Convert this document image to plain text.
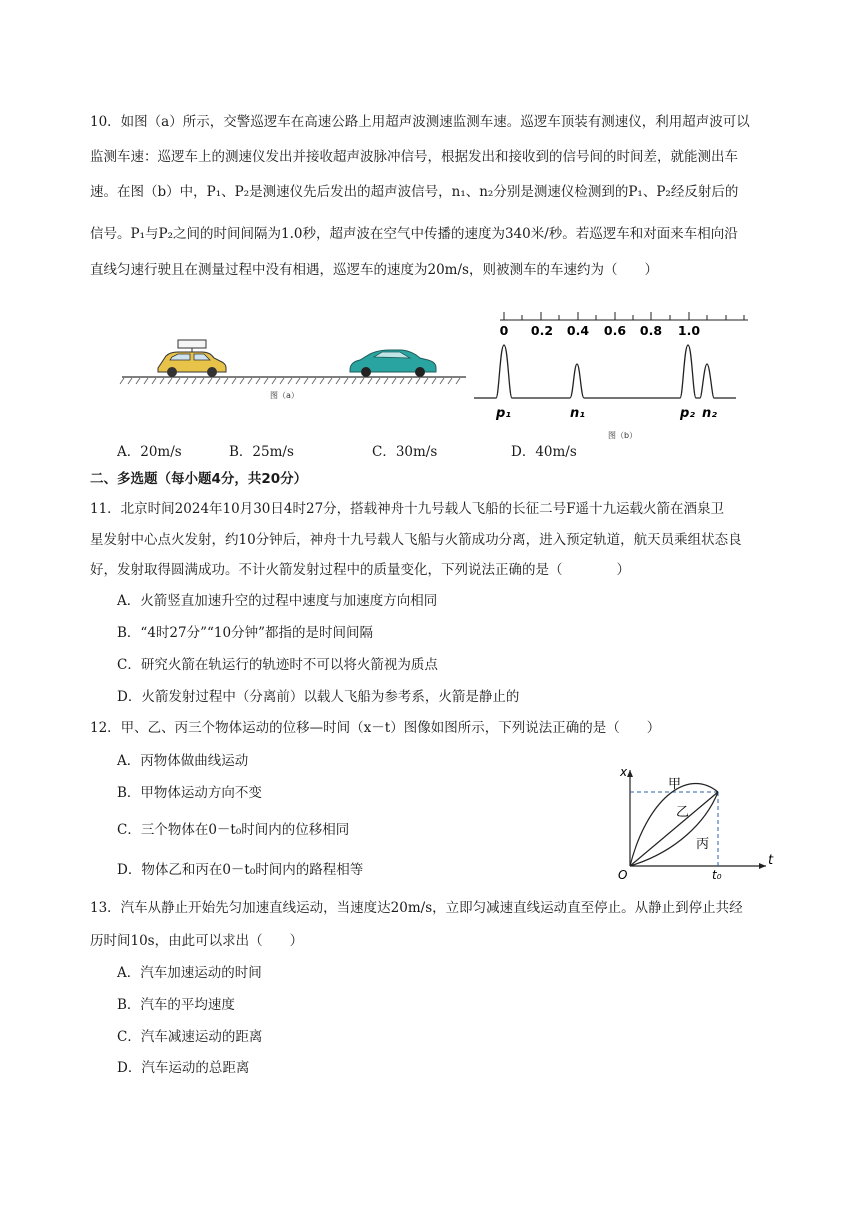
10．如图（a）所示，交警巡逻车在高速公路上用超声波测速监测车速。巡逻车顶装有测速仪，利用超声波可以
监测车速：巡逻车上的测速仪发出并接收超声波脉冲信号，根据发出和接收到的信号间的时间差，就能测出车
速。在图（b）中，P₁、P₂是测速仪先后发出的超声波信号，n₁、n₂分别是测速仪检测到的P₁、P₂经反射后的
信号。P₁与P₂之间的时间间隔为1.0秒，超声波在空气中传播的速度为340米/秒。若巡逻车和对面来车相向沿
直线匀速行驶且在测量过程中没有相遇，巡逻车的速度为20m/s，则被测车的车速约为（　　）
图（a）
0 0.2 0.4 0.6 0.8 1.0
p₁	n₁	p₂ n₂
图（b）
A．20m/s	B．25m/s	C．30m/s	D．40m/s
二、多选题（每小题4分，共20分）
11．北京时间2024年10月30日4时27分，搭载神舟十九号载人飞船的长征二号F遥十九运载火箭在酒泉卫
星发射中心点火发射，约10分钟后，神舟十九号载人飞船与火箭成功分离，进入预定轨道，航天员乘组状态良
好，发射取得圆满成功。不计火箭发射过程中的质量变化，下列说法正确的是（　　　　）
A．火箭竖直加速升空的过程中速度与加速度方向相同
B．“4时27分”“10分钟”都指的是时间间隔
C．研究火箭在轨运行的轨迹时不可以将火箭视为质点
D．火箭发射过程中（分离前）以载人飞船为参考系，火箭是静止的
12．甲、乙、丙三个物体运动的位移—时间（x－t）图像如图所示，下列说法正确的是（　　）
A．丙物体做曲线运动
B．甲物体运动方向不变
C．三个物体在0－t₀时间内的位移相同
D．物体乙和丙在0－t₀时间内的路程相等
x
t
O	t₀
甲
乙
丙
13．汽车从静止开始先匀加速直线运动，当速度达20m/s，立即匀减速直线运动直至停止。从静止到停止共经
历时间10s，由此可以求出（　　）
A．汽车加速运动的时间
B．汽车的平均速度
C．汽车减速运动的距离
D．汽车运动的总距离
